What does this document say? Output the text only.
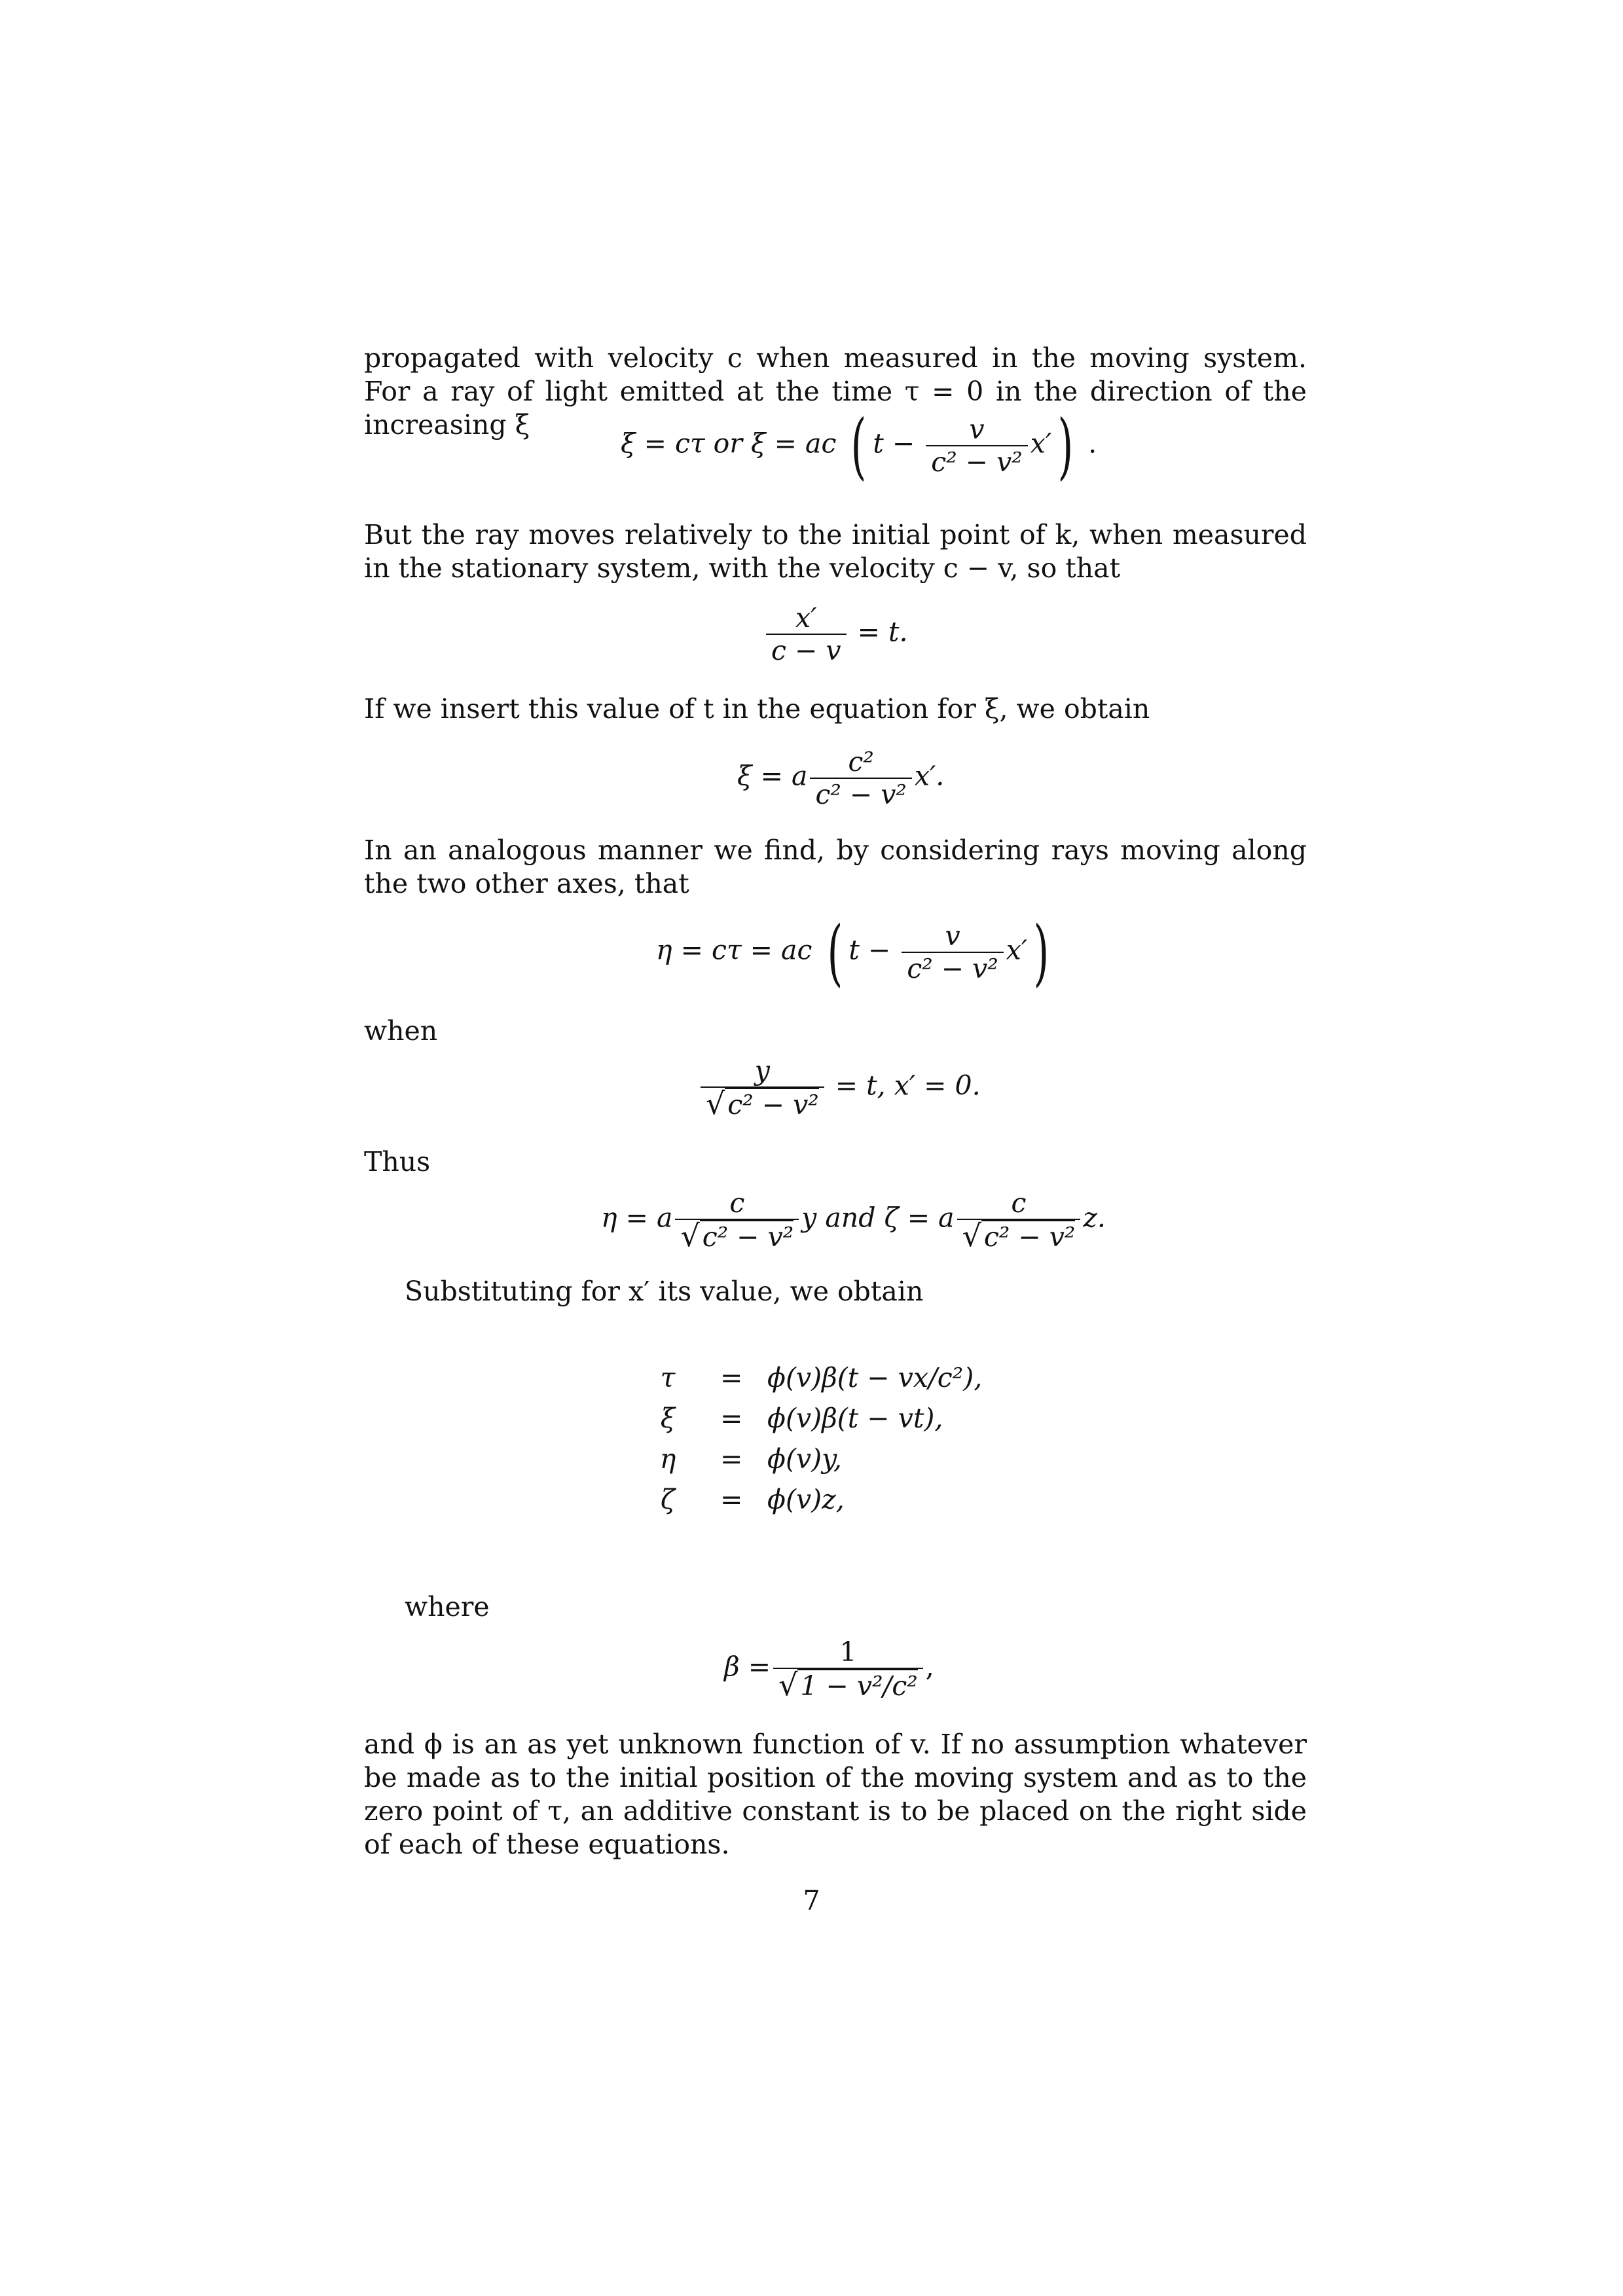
propagated with velocity c when measured in the moving system. For a ray of light emitted at the time τ = 0 in the direction of the increasing ξ
ξ = cτ or ξ = ac ( $t - \frac{v}{\text{c² − v²}} x'$) .
But the ray moves relatively to the initial point of k, when measured in the stationary system, with the velocity c − v, so that
$\frac{x'}{c - v} = t$.
If we insert this value of t in the equation for ξ, we obtain
ξ = a $\frac{\text{c²}}{\text{c² − v²}} x'$.
In an analogous manner we find, by considering rays moving along the two other axes, that
η = cτ = ac ( $t - \frac{v}{\text{c² − v²}} x'$)
when
$\frac{y}{\text{√c² − v²}} = t$, x′ = 0.
Thus
η = a $\frac{c}{\text{√c² − v²}}$ y and ζ = a $\frac{c}{\text{√c² − v²}} z$.
Substituting for x′ its value, we obtain
τ = ϕ(v)β(t − vx/c²),
ξ = ϕ(v)β(t − vt),
η = ϕ(v)y,
ζ = ϕ(v)z,
where
$\beta = \frac{1}{\text{√1 − v²/c²}}$ ,
and ϕ is an as yet unknown function of v. If no assumption whatever be made as to the initial position of the moving system and as to the zero point of τ, an additive constant is to be placed on the right side of each of these equations.
7
